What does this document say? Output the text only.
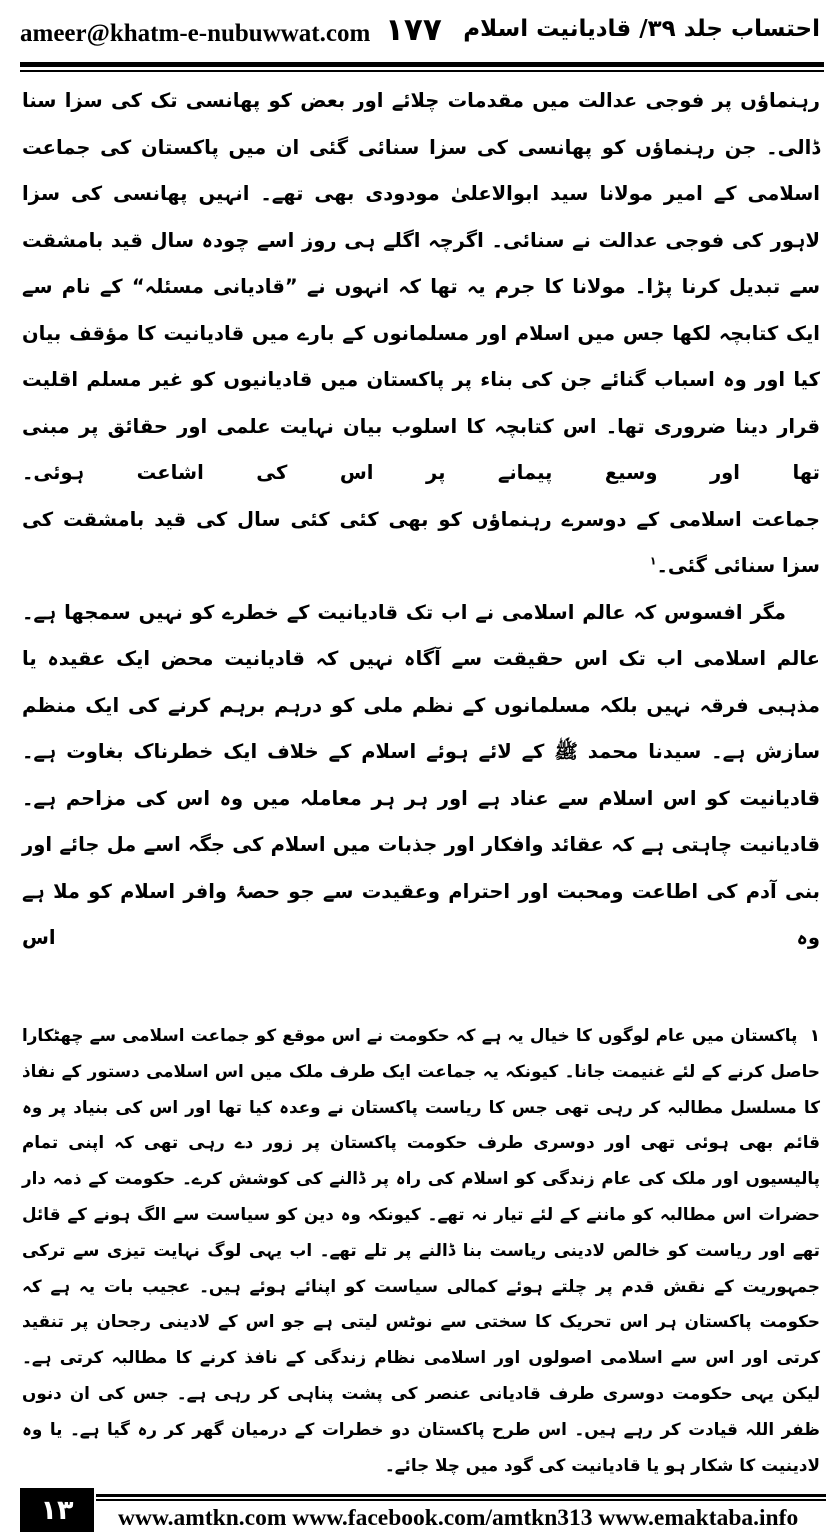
ameer@khatm-e-nubuwwat.com ۱۷۷ احتساب جلد ۳۹/ قادیانیت اسلام

رہنماؤں پر فوجی عدالت میں مقدمات چلائے اور بعض کو پھانسی تک کی سزا سنا ڈالی۔ جن رہنماؤں کو پھانسی کی سزا سنائی گئی ان میں پاکستان کی جماعت اسلامی کے امیر مولانا سید ابوالاعلیٰ مودودی بھی تھے۔ انہیں پھانسی کی سزا لاہور کی فوجی عدالت نے سنائی۔ اگرچہ اگلے ہی روز اسے چودہ سال قید بامشقت سے تبدیل کرنا پڑا۔ مولانا کا جرم یہ تھا کہ انہوں نے ”قادیانی مسئلہ“ کے نام سے ایک کتابچہ لکھا جس میں اسلام اور مسلمانوں کے بارے میں قادیانیت کا مؤقف بیان کیا اور وہ اسباب گنائے جن کی بناء پر پاکستان میں قادیانیوں کو غیر مسلم اقلیت قرار دینا ضروری تھا۔ اس کتابچہ کا اسلوب بیان نہایت علمی اور حقائق پر مبنی تھا اور وسیع پیمانے پر اس کی اشاعت ہوئی۔

جماعت اسلامی کے دوسرے رہنماؤں کو بھی کئی کئی سال کی قید بامشقت کی سزا سنائی گئی۔$^۱$

مگر افسوس کہ عالم اسلامی نے اب تک قادیانیت کے خطرے کو نہیں سمجھا ہے۔ عالم اسلامی اب تک اس حقیقت سے آگاہ نہیں کہ قادیانیت محض ایک عقیدہ یا مذہبی فرقہ نہیں بلکہ مسلمانوں کے نظم ملی کو درہم برہم کرنے کی ایک منظم سازش ہے۔ سیدنا محمد ﷺ کے لائے ہوئے اسلام کے خلاف ایک خطرناک بغاوت ہے۔ قادیانیت کو اس اسلام سے عناد ہے اور ہر ہر معاملہ میں وہ اس کی مزاحم ہے۔ قادیانیت چاہتی ہے کہ عقائد وافکار اور جذبات میں اسلام کی جگہ اسے مل جائے اور بنی آدم کی اطاعت ومحبت اور احترام وعقیدت سے جو حصۂ وافر اسلام کو ملا ہے وہ اس

۱  پاکستان میں عام لوگوں کا خیال یہ ہے کہ حکومت نے اس موقع کو جماعت اسلامی سے چھٹکارا حاصل کرنے کے لئے غنیمت جانا۔ کیونکہ یہ جماعت ایک طرف ملک میں اس اسلامی دستور کے نفاذ کا مسلسل مطالبہ کر رہی تھی جس کا ریاست پاکستان نے وعدہ کیا تھا اور اس کی بنیاد پر وہ قائم بھی ہوئی تھی اور دوسری طرف حکومت پاکستان پر زور دے رہی تھی کہ اپنی تمام پالیسیوں اور ملک کی عام زندگی کو اسلام کی راہ پر ڈالنے کی کوشش کرے۔ حکومت کے ذمہ دار حضرات اس مطالبہ کو ماننے کے لئے تیار نہ تھے۔ کیونکہ وہ دین کو سیاست سے الگ ہونے کے قائل تھے اور ریاست کو خالص لادینی ریاست بنا ڈالنے پر تلے تھے۔ اب یہی لوگ نہایت تیزی سے ترکی جمہوریت کے نقش قدم پر چلتے ہوئے کمالی سیاست کو اپنائے ہوئے ہیں۔ عجیب بات یہ ہے کہ حکومت پاکستان ہر اس تحریک کا سختی سے نوٹس لیتی ہے جو اس کے لادینی رجحان پر تنقید کرتی اور اس سے اسلامی اصولوں اور اسلامی نظام زندگی کے نافذ کرنے کا مطالبہ کرتی ہے۔ لیکن یہی حکومت دوسری طرف قادیانی عنصر کی پشت پناہی کر رہی ہے۔ جس کی ان دنوں ظفر اللہ قیادت کر رہے ہیں۔ اس طرح پاکستان دو خطرات کے درمیان گھر کر رہ گیا ہے۔ یا وہ لادینیت کا شکار ہو یا قادیانیت کی گود میں چلا جائے۔

۱۳	www.amtkn.com www.facebook.com/amtkn313 www.emaktaba.info
